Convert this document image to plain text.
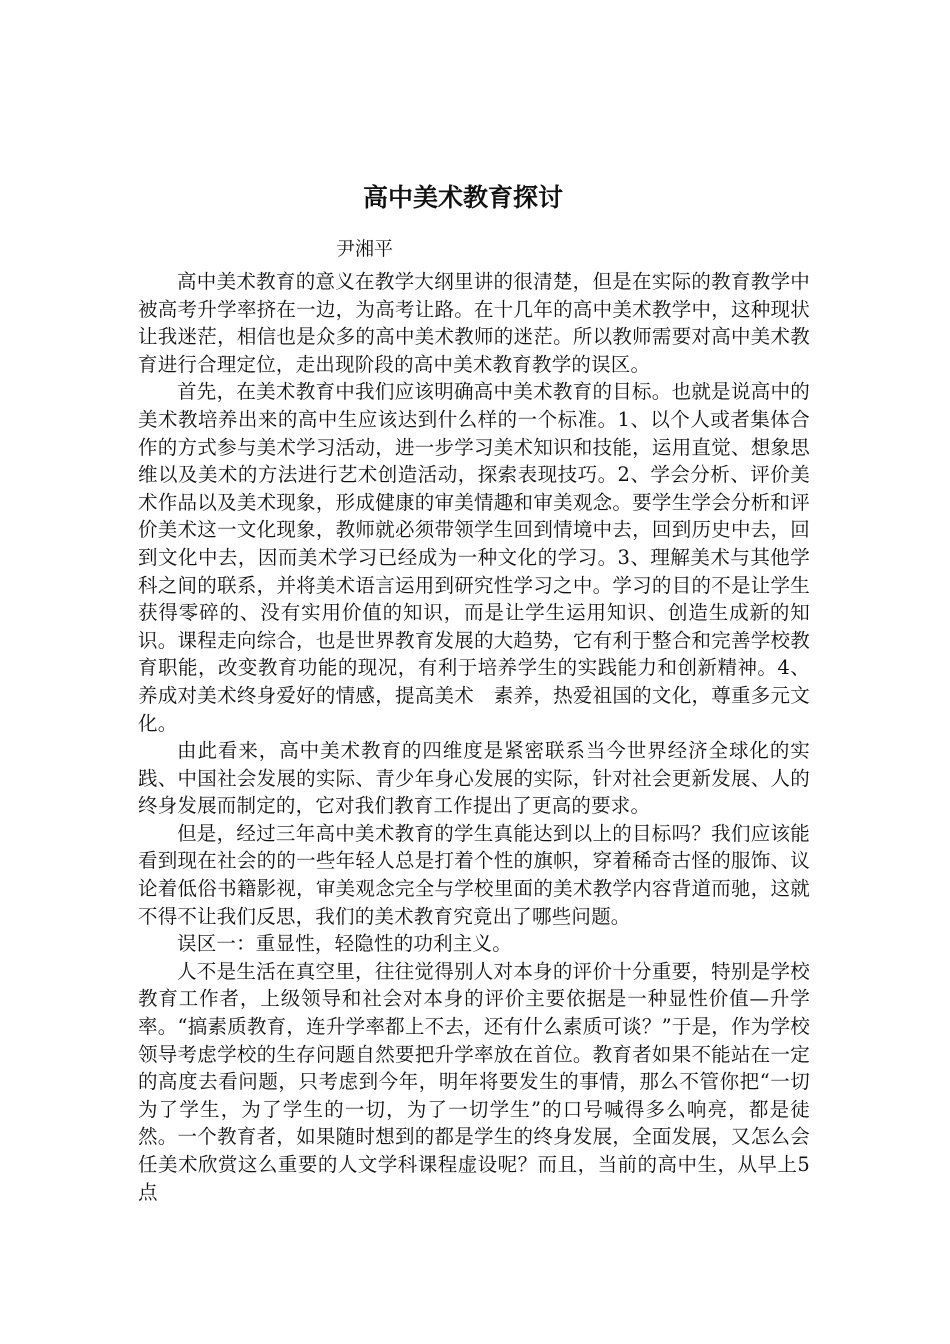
高中美术教育探讨

尹湘平

高中美术教育的意义在教学大纲里讲的很清楚，但是在实际的教育教学中被高考升学率挤在一边，为高考让路。在十几年的高中美术教学中，这种现状让我迷茫，相信也是众多的高中美术教师的迷茫。所以教师需要对高中美术教育进行合理定位，走出现阶段的高中美术教育教学的误区。

首先，在美术教育中我们应该明确高中美术教育的目标。也就是说高中的美术教培养出来的高中生应该达到什么样的一个标准。1、以个人或者集体合作的方式参与美术学习活动，进一步学习美术知识和技能，运用直觉、想象思维以及美术的方法进行艺术创造活动，探索表现技巧。2、学会分析、评价美术作品以及美术现象，形成健康的审美情趣和审美观念。要学生学会分析和评价美术这一文化现象，教师就必须带领学生回到情境中去，回到历史中去，回到文化中去，因而美术学习已经成为一种文化的学习。3、理解美术与其他学科之间的联系，并将美术语言运用到研究性学习之中。学习的目的不是让学生获得零碎的、没有实用价值的知识，而是让学生运用知识、创造生成新的知识。课程走向综合，也是世界教育发展的大趋势，它有利于整合和完善学校教育职能，改变教育功能的现况，有利于培养学生的实践能力和创新精神。4、养成对美术终身爱好的情感，提高美术　素养，热爱祖国的文化，尊重多元文化。

由此看来，高中美术教育的四维度是紧密联系当今世界经济全球化的实践、中国社会发展的实际、青少年身心发展的实际，针对社会更新发展、人的终身发展而制定的，它对我们教育工作提出了更高的要求。

但是，经过三年高中美术教育的学生真能达到以上的目标吗？我们应该能看到现在社会的的一些年轻人总是打着个性的旗帜，穿着稀奇古怪的服饰、议论着低俗书籍影视，审美观念完全与学校里面的美术教学内容背道而驰，这就不得不让我们反思，我们的美术教育究竟出了哪些问题。

误区一：重显性，轻隐性的功利主义。

人不是生活在真空里，往往觉得别人对本身的评价十分重要，特别是学校教育工作者，上级领导和社会对本身的评价主要依据是一种显性价值—升学率。“搞素质教育，连升学率都上不去，还有什么素质可谈？”于是，作为学校领导考虑学校的生存问题自然要把升学率放在首位。教育者如果不能站在一定的高度去看问题，只考虑到今年，明年将要发生的事情，那么不管你把“一切为了学生，为了学生的一切，为了一切学生”的口号喊得多么响亮，都是徒然。一个教育者，如果随时想到的都是学生的终身发展，全面发展，又怎么会任美术欣赏这么重要的人文学科课程虚设呢？而且，当前的高中生，从早上5点
